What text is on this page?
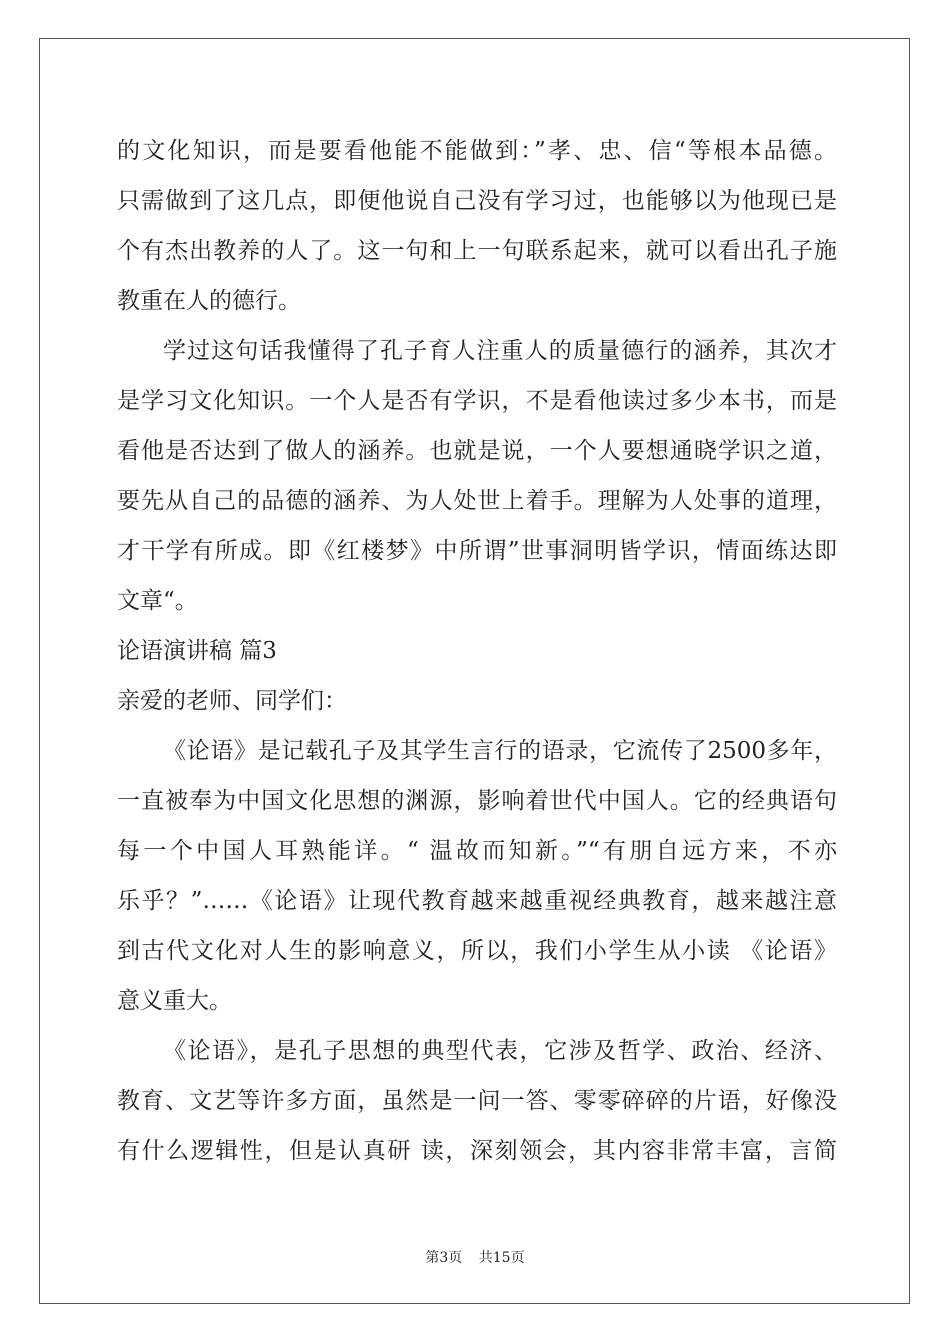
的文化知识，而是要看他能不能做到：”孝、忠、信“等根本品德。
只需做到了这几点，即便他说自己没有学习过，也能够以为他现已是
个有杰出教养的人了。这一句和上一句联系起来，就可以看出孔子施
教重在人的德行。
学过这句话我懂得了孔子育人注重人的质量德行的涵养，其次才
是学习文化知识。一个人是否有学识，不是看他读过多少本书，而是
看他是否达到了做人的涵养。也就是说，一个人要想通晓学识之道，
要先从自己的品德的涵养、为人处世上着手。理解为人处事的道理，
才干学有所成。即《红楼梦》中所谓”世事洞明皆学识，情面练达即
文章“。
论语演讲稿 篇3
亲爱的老师、同学们：
《论语》是记载孔子及其学生言行的语录，它流传了2500多年，
一直被奉为中国文化思想的渊源，影响着世代中国人。它的经典语句
每一个中国人耳熟能详。“ 温故而知新。”“有朋自远方来，不亦
乐乎？”……《论语》让现代教育越来越重视经典教育，越来越注意
到古代文化对人生的影响意义，所以，我们小学生从小读 《论语》
意义重大。
《论语》，是孔子思想的典型代表，它涉及哲学、政治、经济、
教育、文艺等许多方面，虽然是一问一答、零零碎碎的片语，好像没
有什么逻辑性，但是认真研 读，深刻领会，其内容非常丰富，言简
第3页 共15页
